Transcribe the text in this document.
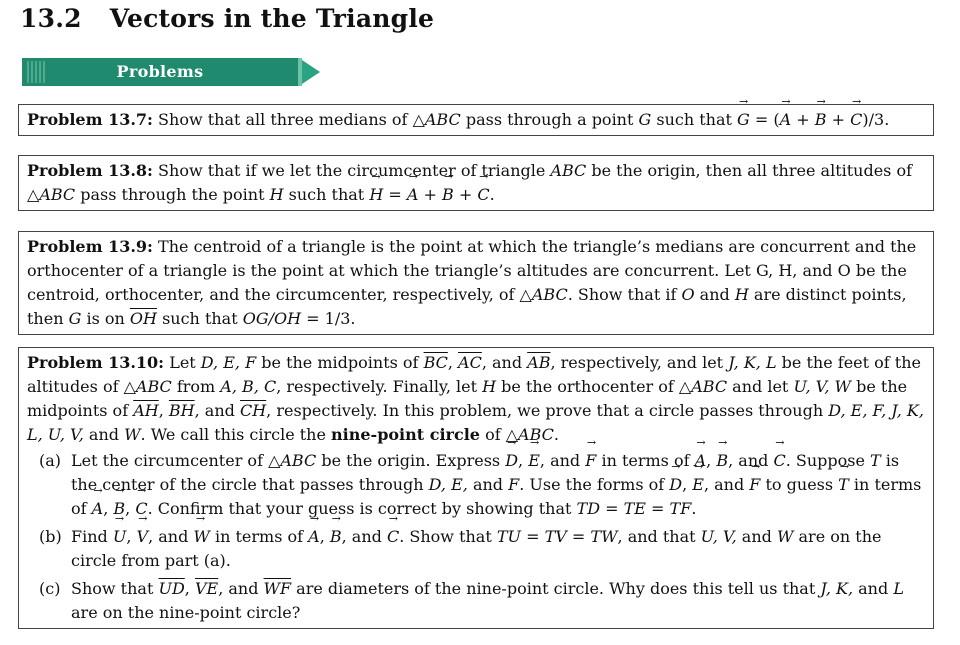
13.2 Vectors in the Triangle
Problems
Problem 13.7: Show that all three medians of △ABC pass through a point G such that → G = (→ A + → B + → C)/3.
Problem 13.8: Show that if we let the circumcenter of triangle ABC be the origin, then all three altitudes of △ABC pass through the point H such that → H = → A + → B + → C.
Problem 13.9: The centroid of a triangle is the point at which the triangle’s medians are concurrent and the orthocenter of a triangle is the point at which the triangle’s altitudes are concurrent. Let G, H, and O be the centroid, orthocenter, and the circumcenter, respectively, of △ABC. Show that if O and H are distinct points, then G is on $\overline{OH}$ such that OG/OH = 1/3.
Problem 13.10: Let D, E, F be the midpoints of $\overline{BC}$, $\overline{AC}$, and $\overline{AB}$, respectively, and let J, K, L be the feet of the altitudes of △ABC from A, B, C, respectively. Finally, let H be the orthocenter of △ABC and let U, V, W be the midpoints of $\overline{AH}$, $\overline{BH}$, and $\overline{CH}$, respectively. In this problem, we prove that a circle passes through D, E, F, J, K, L, U, V, and W. We call this circle the nine-point circle of △ABC.
(a) Let the circumcenter of △ABC be the origin. Express → D, → E, and → F in terms of → A, → B, and → C. Suppose T is the center of the circle that passes through D, E, and F. Use the forms of → D, → E, and → F to guess → T in terms of → A, → B, → C. Confirm that your guess is correct by showing that TD = TE = TF.
(b) Find → U, → V, and → W in terms of → A, → B, and → C. Show that TU = TV = TW, and that U, V, and W are on the circle from part (a).
(c) Show that $\overline{UD}$, $\overline{VE}$, and $\overline{WF}$ are diameters of the nine-point circle. Why does this tell us that J, K, and L are on the nine-point circle?
